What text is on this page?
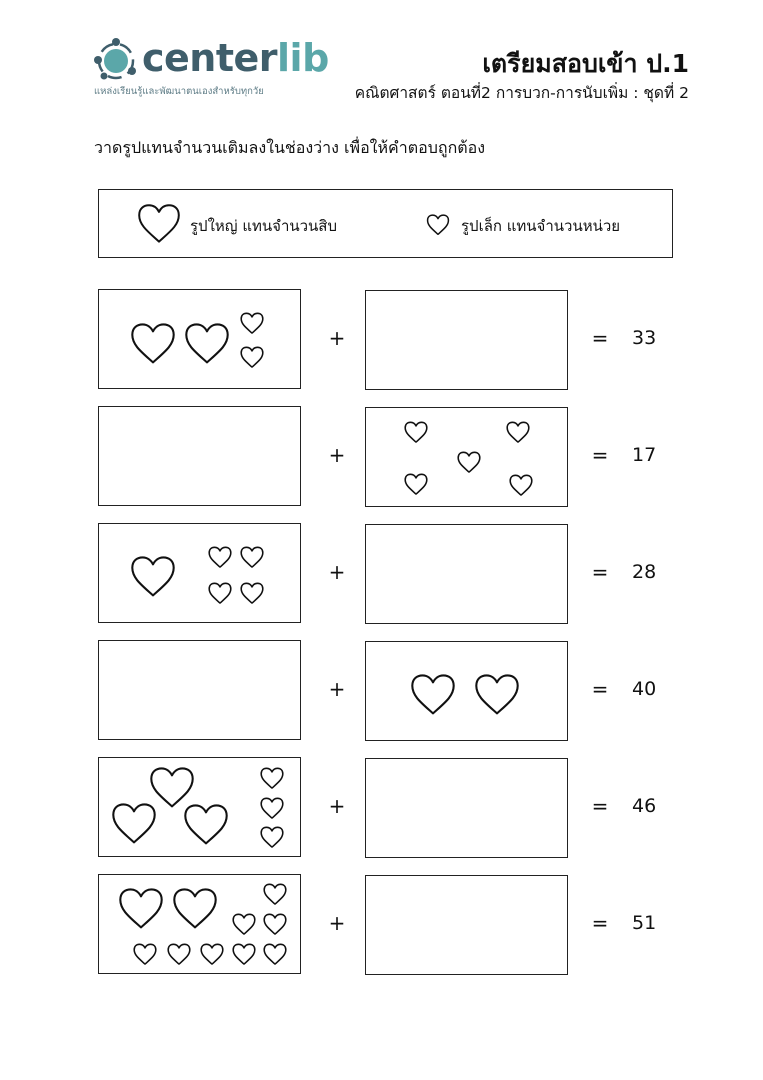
centerlib
แหล่งเรียนรู้และพัฒนาตนเองสำหรับทุกวัย
เตรียมสอบเข้า ป.1
คณิตศาสตร์ ตอนที่2 การบวก-การนับเพิ่ม : ชุดที่ 2
วาดรูปแทนจำนวนเติมลงในช่องว่าง เพื่อให้คำตอบถูกต้อง
รูปใหญ่ แทนจำนวนสิบ	รูปเล็ก แทนจำนวนหน่วย
+	= 33
+	= 17
+	= 28
+	= 40
+	= 46
+	= 51
